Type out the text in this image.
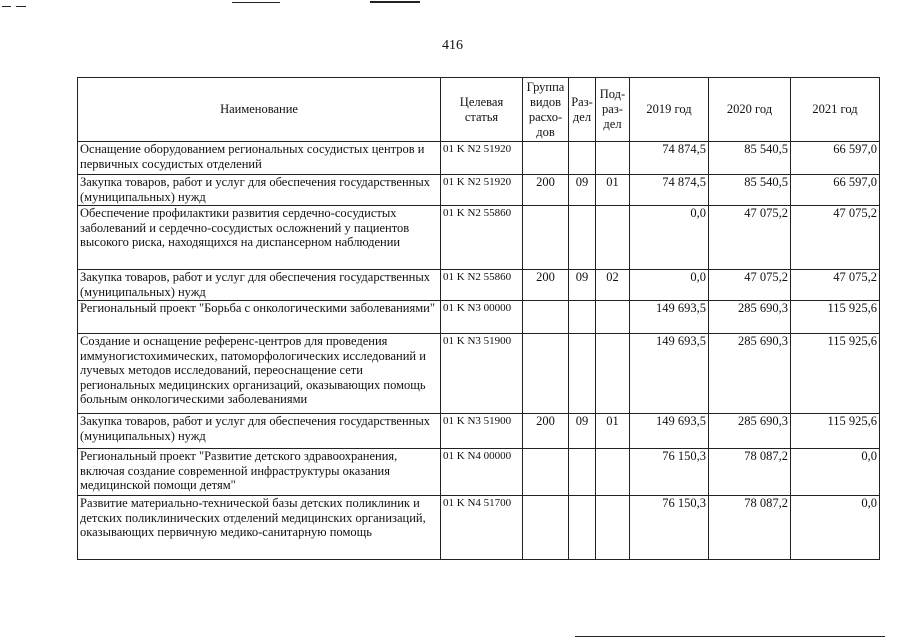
416
Наименование	Целевая статья	Группа видов расхо-дов	Раз-дел	Под-раз-дел	2019 год	2020 год	2021 год
Оснащение оборудованием региональных сосудистых центров и первичных сосудистых отделений	01 K N2 51920				74 874,5	85 540,5	66 597,0
Закупка товаров, работ и услуг для обеспечения государственных (муниципальных) нужд	01 K N2 51920	200	09	01	74 874,5	85 540,5	66 597,0
Обеспечение профилактики развития сердечно-сосудистых заболеваний и сердечно-сосудистых осложнений у пациентов высокого риска, находящихся на диспансерном наблюдении	01 K N2 55860				0,0	47 075,2	47 075,2
Закупка товаров, работ и услуг для обеспечения государственных (муниципальных) нужд	01 K N2 55860	200	09	02	0,0	47 075,2	47 075,2
Региональный проект "Борьба с онкологическими заболеваниями"	01 K N3 00000				149 693,5	285 690,3	115 925,6
Создание и оснащение референс-центров для проведения иммуногистохимических, патоморфологических исследований и лучевых методов исследований, переоснащение сети региональных медицинских организаций, оказывающих помощь больным онкологическими заболеваниями	01 K N3 51900				149 693,5	285 690,3	115 925,6
Закупка товаров, работ и услуг для обеспечения государственных (муниципальных) нужд	01 K N3 51900	200	09	01	149 693,5	285 690,3	115 925,6
Региональный проект "Развитие детского здравоохранения, включая создание современной инфраструктуры оказания медицинской помощи детям"	01 K N4 00000				76 150,3	78 087,2	0,0
Развитие материально-технической базы детских поликлиник и детских поликлинических отделений медицинских организаций, оказывающих первичную медико-санитарную помощь	01 K N4 51700				76 150,3	78 087,2	0,0
